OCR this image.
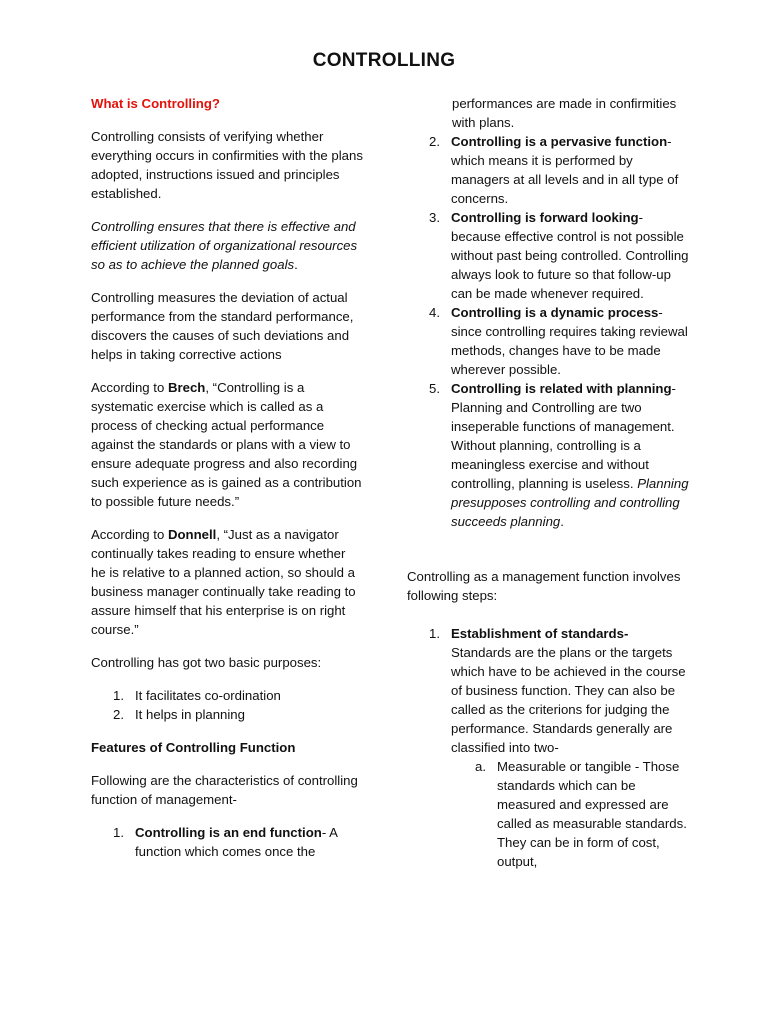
CONTROLLING

What is Controlling?

Controlling consists of verifying whether everything occurs in confirmities with the plans adopted, instructions issued and principles established.

Controlling ensures that there is effective and efficient utilization of organizational resources so as to achieve the planned goals.

Controlling measures the deviation of actual performance from the standard performance, discovers the causes of such deviations and helps in taking corrective actions

According to Brech, “Controlling is a systematic exercise which is called as a process of checking actual performance against the standards or plans with a view to ensure adequate progress and also recording such experience as is gained as a contribution to possible future needs.”

According to Donnell, “Just as a navigator continually takes reading to ensure whether he is relative to a planned action, so should a business manager continually take reading to assure himself that his enterprise is on right course.”

Controlling has got two basic purposes:

1. It facilitates co-ordination
2. It helps in planning

Features of Controlling Function

Following are the characteristics of controlling function of management-

1. Controlling is an end function- A function which comes once the
performances are made in confirmities with plans.
2. Controlling is a pervasive function-
which means it is performed by managers at all levels and in all type of concerns.
3. Controlling is forward looking-
because effective control is not possible without past being controlled. Controlling always look to future so that follow-up can be made whenever required.
4. Controlling is a dynamic process-
since controlling requires taking reviewal methods, changes have to be made wherever possible.
5. Controlling is related with planning-
Planning and Controlling are two inseperable functions of management. Without planning, controlling is a meaningless exercise and without controlling, planning is useless. Planning presupposes controlling and controlling succeeds planning.

Controlling as a management function involves following steps:

1. Establishment of standards-
Standards are the plans or the targets which have to be achieved in the course of business function. They can also be called as the criterions for judging the performance. Standards generally are classified into two-
a. Measurable or tangible - Those standards which can be measured and expressed are called as measurable standards. They can be in form of cost, output,
